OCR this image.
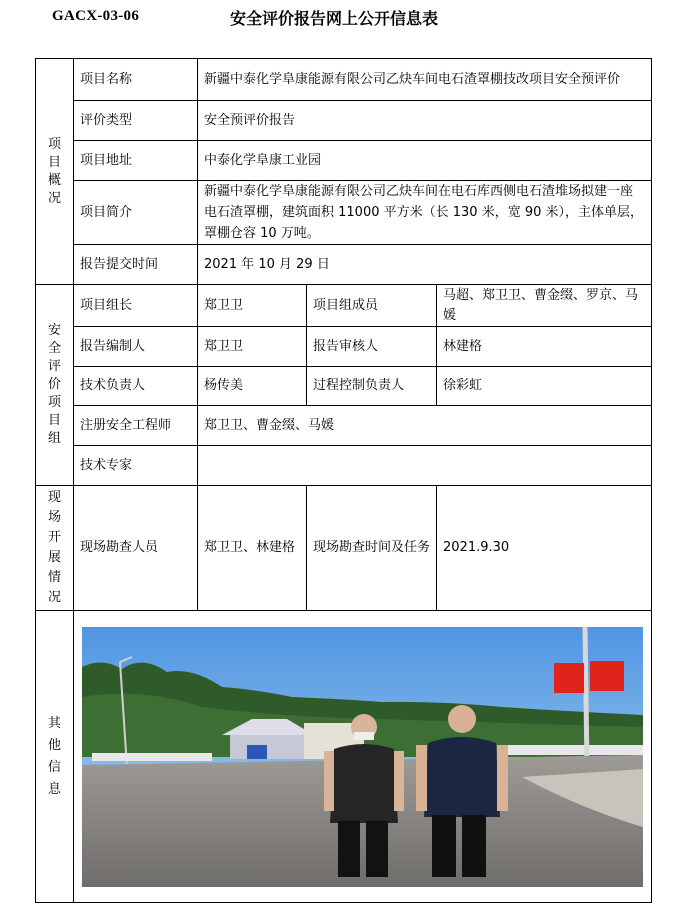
GACX-03-06	安全评价报告网上公开信息表
项目概况	项目名称	新疆中泰化学阜康能源有限公司乙炔车间电石渣罩棚技改项目安全预评价		
	评价类型	安全预评价报告		
	项目地址	中泰化学阜康工业园		
	项目简介	新疆中泰化学阜康能源有限公司乙炔车间在电石库西侧电石渣堆场拟建一座电石渣罩棚，建筑面积 11000 平方米（长 130 米，宽 90 米），主体单层，罩棚仓容 10 万吨。		
	报告提交时间	2021 年 10 月 29 日		
安全评价项目组	项目组长	郑卫卫	项目组成员	马超、郑卫卫、曹金缀、罗京、马媛
	报告编制人	郑卫卫	报告审核人	林建格
	技术负责人	杨传美	过程控制负责人	徐彩虹
	注册安全工程师	郑卫卫、曹金缀、马媛		
	技术专家			
现场开展情况	现场勘查人员	郑卫卫、林建格	现场勘查时间及任务	2021.9.30
其他信息	
